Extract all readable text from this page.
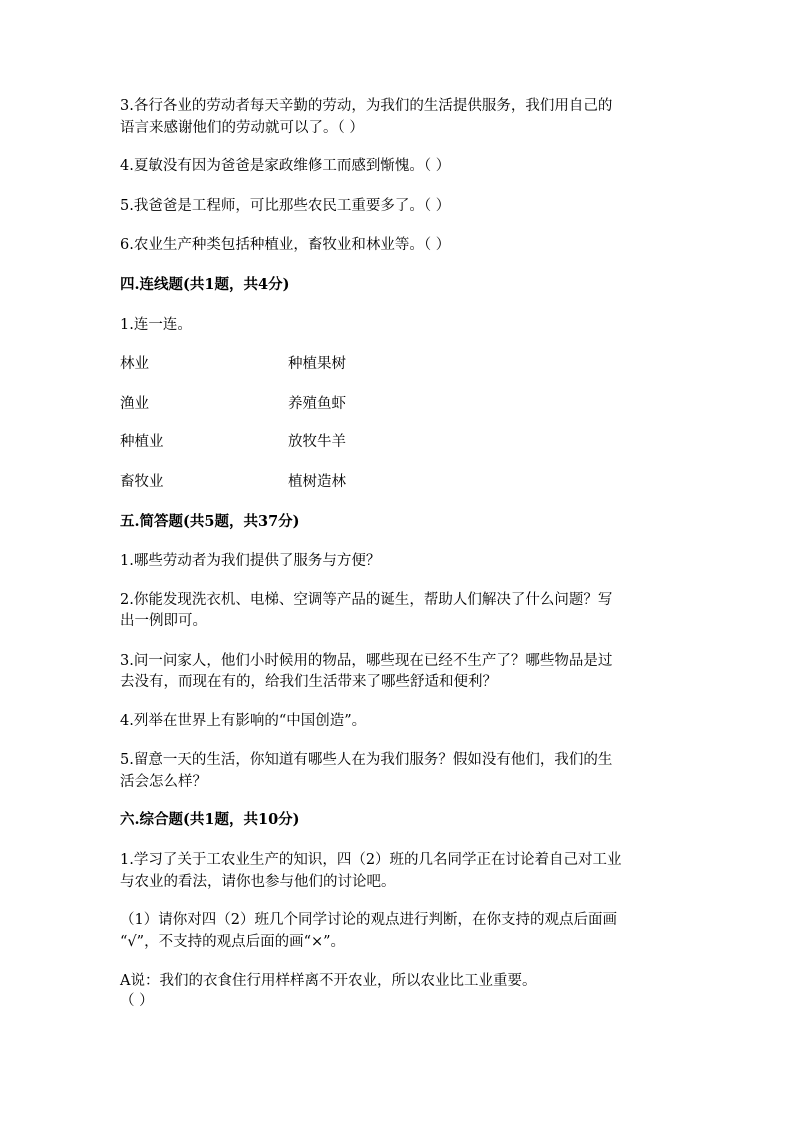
3.各行各业的劳动者每天辛勤的劳动，为我们的生活提供服务，我们用自己的
语言来感谢他们的劳动就可以了。（ ）
4.夏敏没有因为爸爸是家政维修工而感到惭愧。（ ）
5.我爸爸是工程师，可比那些农民工重要多了。（ ）
6.农业生产种类包括种植业，畜牧业和林业等。（ ）
四.连线题(共1题，共4分)
1.连一连。
林业	种植果树
渔业	养殖鱼虾
种植业	放牧牛羊
畜牧业	植树造林
五.简答题(共5题，共37分)
1.哪些劳动者为我们提供了服务与方便？
2.你能发现洗衣机、电梯、空调等产品的诞生，帮助人们解决了什么问题？写
出一例即可。
3.问一问家人，他们小时候用的物品，哪些现在已经不生产了？哪些物品是过
去没有，而现在有的，给我们生活带来了哪些舒适和便利？
4.列举在世界上有影响的“中国创造”。
5.留意一天的生活，你知道有哪些人在为我们服务？假如没有他们，我们的生
活会怎么样？
六.综合题(共1题，共10分)
1.学习了关于工农业生产的知识，四（2）班的几名同学正在讨论着自己对工业
与农业的看法，请你也参与他们的讨论吧。
（1）请你对四（2）班几个同学讨论的观点进行判断，在你支持的观点后面画
“√”，不支持的观点后面的画“×”。
A说：我们的衣食住行用样样离不开农业，所以农业比工业重要。
（ ）
